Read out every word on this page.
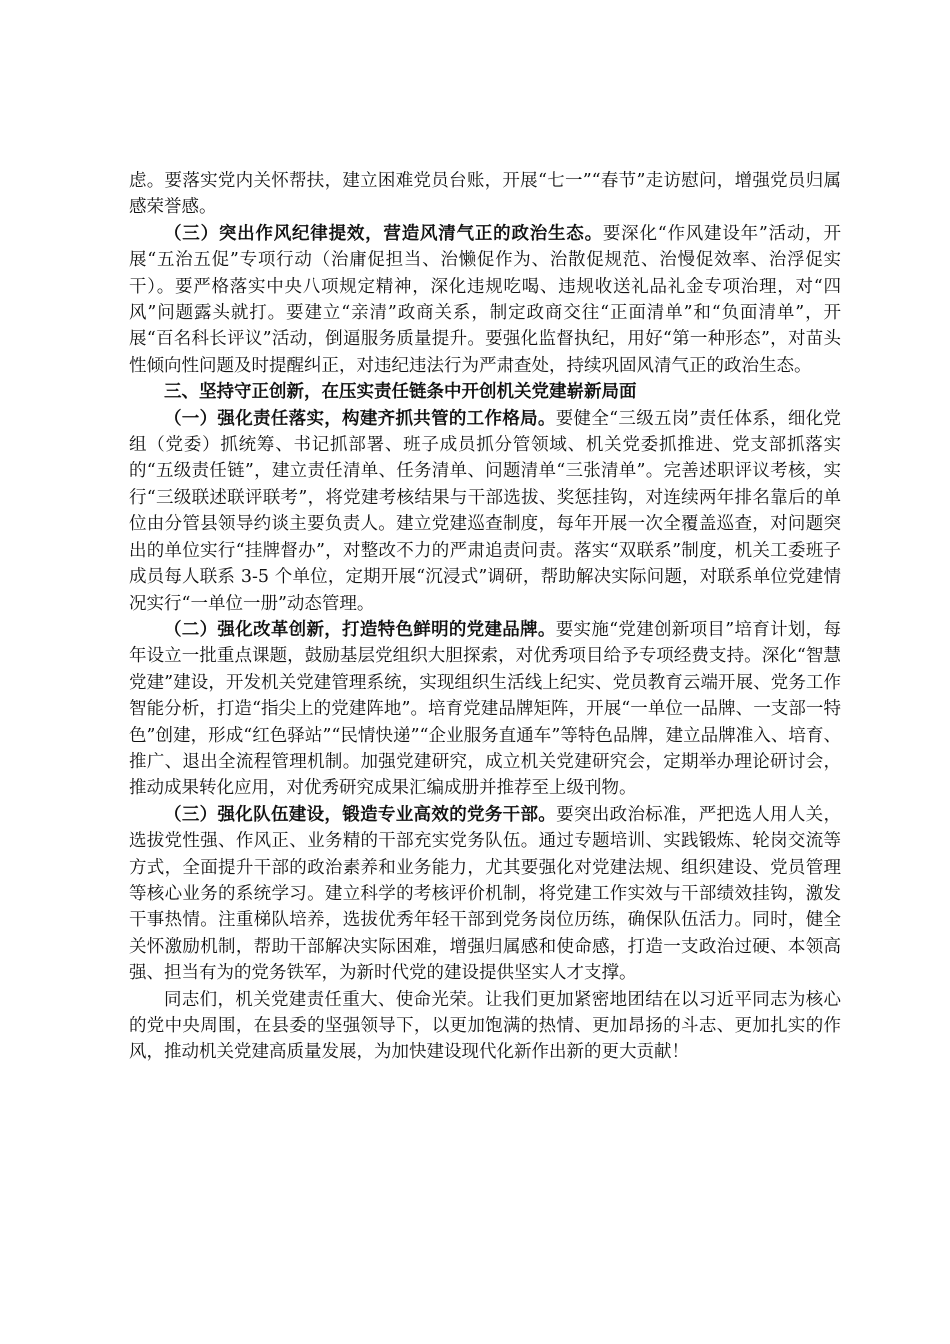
虑。要落实党内关怀帮扶，建立困难党员台账，开展“七一”“春节”走访慰问，增强党员归属感荣誉感。

（三）突出作风纪律提效，营造风清气正的政治生态。要深化“作风建设年”活动，开展“五治五促”专项行动（治庸促担当、治懒促作为、治散促规范、治慢促效率、治浮促实干）。要严格落实中央八项规定精神，深化违规吃喝、违规收送礼品礼金专项治理，对“四风”问题露头就打。要建立“亲清”政商关系，制定政商交往“正面清单”和“负面清单”，开展“百名科长评议”活动，倒逼服务质量提升。要强化监督执纪，用好“第一种形态”，对苗头性倾向性问题及时提醒纠正，对违纪违法行为严肃查处，持续巩固风清气正的政治生态。

三、坚持守正创新，在压实责任链条中开创机关党建崭新局面

（一）强化责任落实，构建齐抓共管的工作格局。要健全“三级五岗”责任体系，细化党组（党委）抓统筹、书记抓部署、班子成员抓分管领域、机关党委抓推进、党支部抓落实的“五级责任链”，建立责任清单、任务清单、问题清单“三张清单”。完善述职评议考核，实行“三级联述联评联考”，将党建考核结果与干部选拔、奖惩挂钩，对连续两年排名靠后的单位由分管县领导约谈主要负责人。建立党建巡查制度，每年开展一次全覆盖巡查，对问题突出的单位实行“挂牌督办”，对整改不力的严肃追责问责。落实“双联系”制度，机关工委班子成员每人联系 3-5 个单位，定期开展“沉浸式”调研，帮助解决实际问题，对联系单位党建情况实行“一单位一册”动态管理。

（二）强化改革创新，打造特色鲜明的党建品牌。要实施“党建创新项目”培育计划，每年设立一批重点课题，鼓励基层党组织大胆探索，对优秀项目给予专项经费支持。深化“智慧党建”建设，开发机关党建管理系统，实现组织生活线上纪实、党员教育云端开展、党务工作智能分析，打造“指尖上的党建阵地”。培育党建品牌矩阵，开展“一单位一品牌、一支部一特色”创建，形成“红色驿站”“民情快递”“企业服务直通车”等特色品牌，建立品牌准入、培育、推广、退出全流程管理机制。加强党建研究，成立机关党建研究会，定期举办理论研讨会，推动成果转化应用，对优秀研究成果汇编成册并推荐至上级刊物。

（三）强化队伍建设，锻造专业高效的党务干部。要突出政治标准，严把选人用人关，选拔党性强、作风正、业务精的干部充实党务队伍。通过专题培训、实践锻炼、轮岗交流等方式，全面提升干部的政治素养和业务能力，尤其要强化对党建法规、组织建设、党员管理等核心业务的系统学习。建立科学的考核评价机制，将党建工作实效与干部绩效挂钩，激发干事热情。注重梯队培养，选拔优秀年轻干部到党务岗位历练，确保队伍活力。同时，健全关怀激励机制，帮助干部解决实际困难，增强归属感和使命感，打造一支政治过硬、本领高强、担当有为的党务铁军，为新时代党的建设提供坚实人才支撑。

同志们，机关党建责任重大、使命光荣。让我们更加紧密地团结在以习近平同志为核心的党中央周围，在县委的坚强领导下，以更加饱满的热情、更加昂扬的斗志、更加扎实的作风，推动机关党建高质量发展，为加快建设现代化新作出新的更大贡献！
